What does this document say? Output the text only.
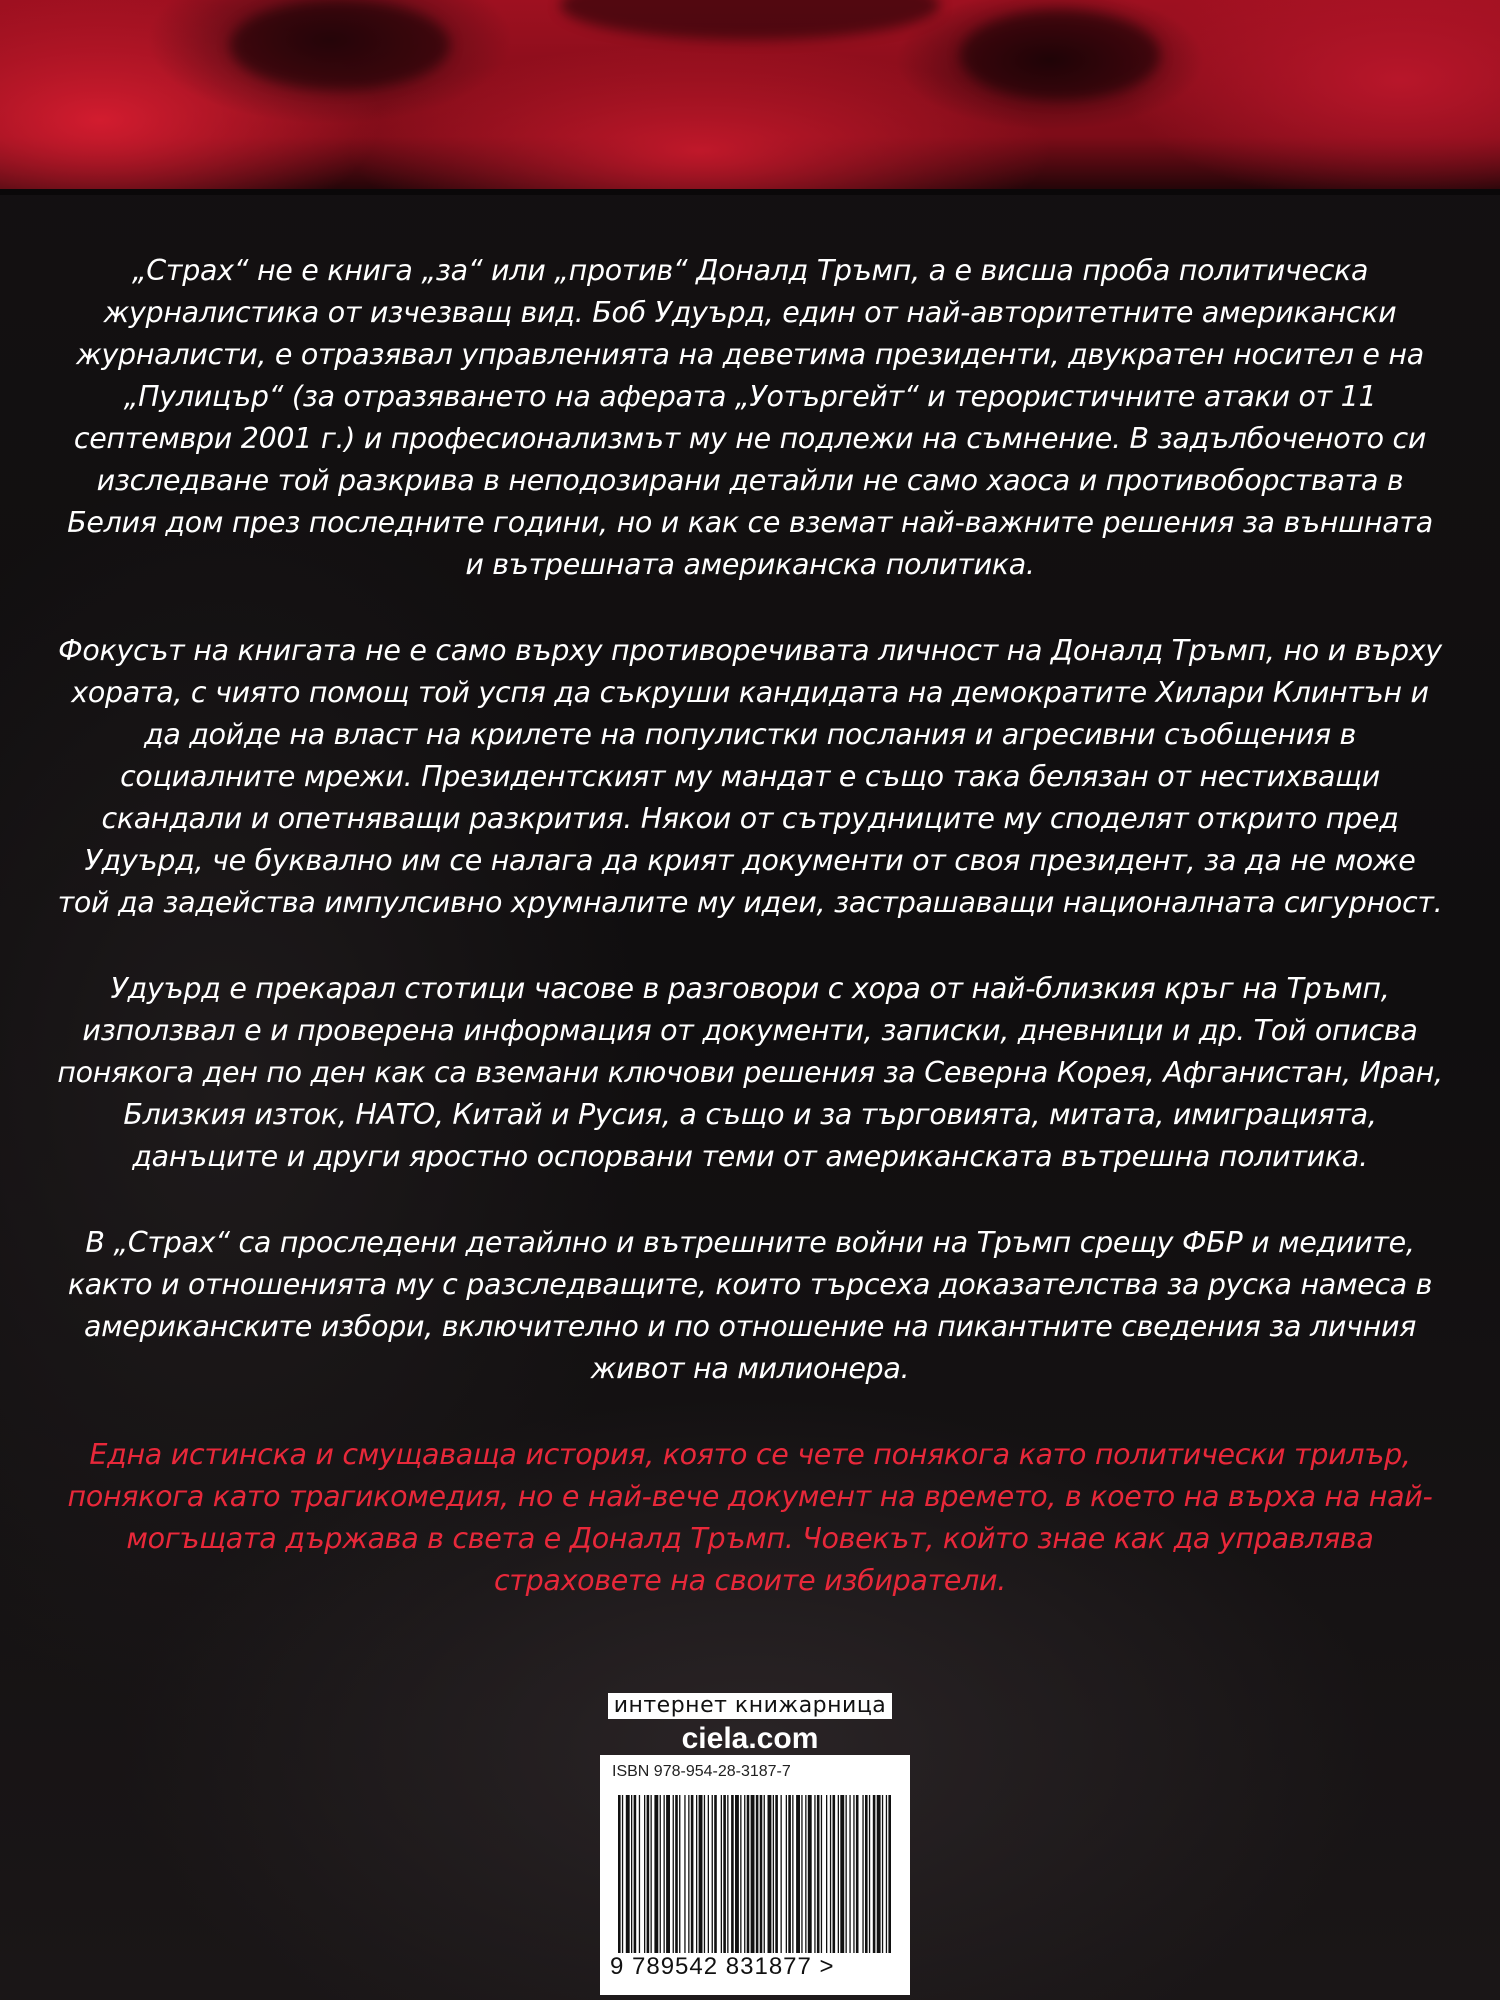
„Страх“ не е книга „за“ или „против“ Доналд Тръмп, а е висша проба политическа журналистика от изчезващ вид. Боб Удуърд, един от най-авторитетните американски журналисти, е отразявал управленията на деветима президенти, двукратен носител е на „Пулицър“ (за отразяването на аферата „Уотъргейт“ и терористичните атаки от 11 септември 2001 г.) и професионализмът му не подлежи на съмнение. В задълбоченото си изследване той разкрива в неподозирани детайли не само хаоса и противоборствата в Белия дом през последните години, но и как се вземат най-важните решения за външната и вътрешната американска политика.

Фокусът на книгата не е само върху противоречивата личност на Доналд Тръмп, но и върху хората, с чиято помощ той успя да съкруши кандидата на демократите Хилари Клинтън и да дойде на власт на крилете на популистки послания и агресивни съобщения в социалните мрежи. Президентският му мандат е също така белязан от нестихващи скандали и опетняващи разкрития. Някои от сътрудниците му споделят открито пред Удуърд, че буквално им се налага да крият документи от своя президент, за да не може той да задейства импулсивно хрумналите му идеи, застрашаващи националната сигурност.

Удуърд е прекарал стотици часове в разговори с хора от най-близкия кръг на Тръмп, използвал е и проверена информация от документи, записки, дневници и др. Той описва понякога ден по ден как са вземани ключови решения за Северна Корея, Афганистан, Иран, Близкия изток, НАТО, Китай и Русия, а също и за търговията, митата, имиграцията, данъците и други яростно оспорвани теми от американската вътрешна политика.

В „Страх“ са проследени детайлно и вътрешните войни на Тръмп срещу ФБР и медиите, както и отношенията му с разследващите, които търсеха доказателства за руска намеса в американските избори, включително и по отношение на пикантните сведения за личния живот на милионера.

Една истинска и смущаваща история, която се чете понякога като политически трилър, понякога като трагикомедия, но е най-вече документ на времето, в което на върха на най-могъщата държава в света е Доналд Тръмп. Човекът, който знае как да управлява страховете на своите избиратели.

интернет книжарница
ciela.com
ISBN 978-954-28-3187-7
9 789542 831877 >
